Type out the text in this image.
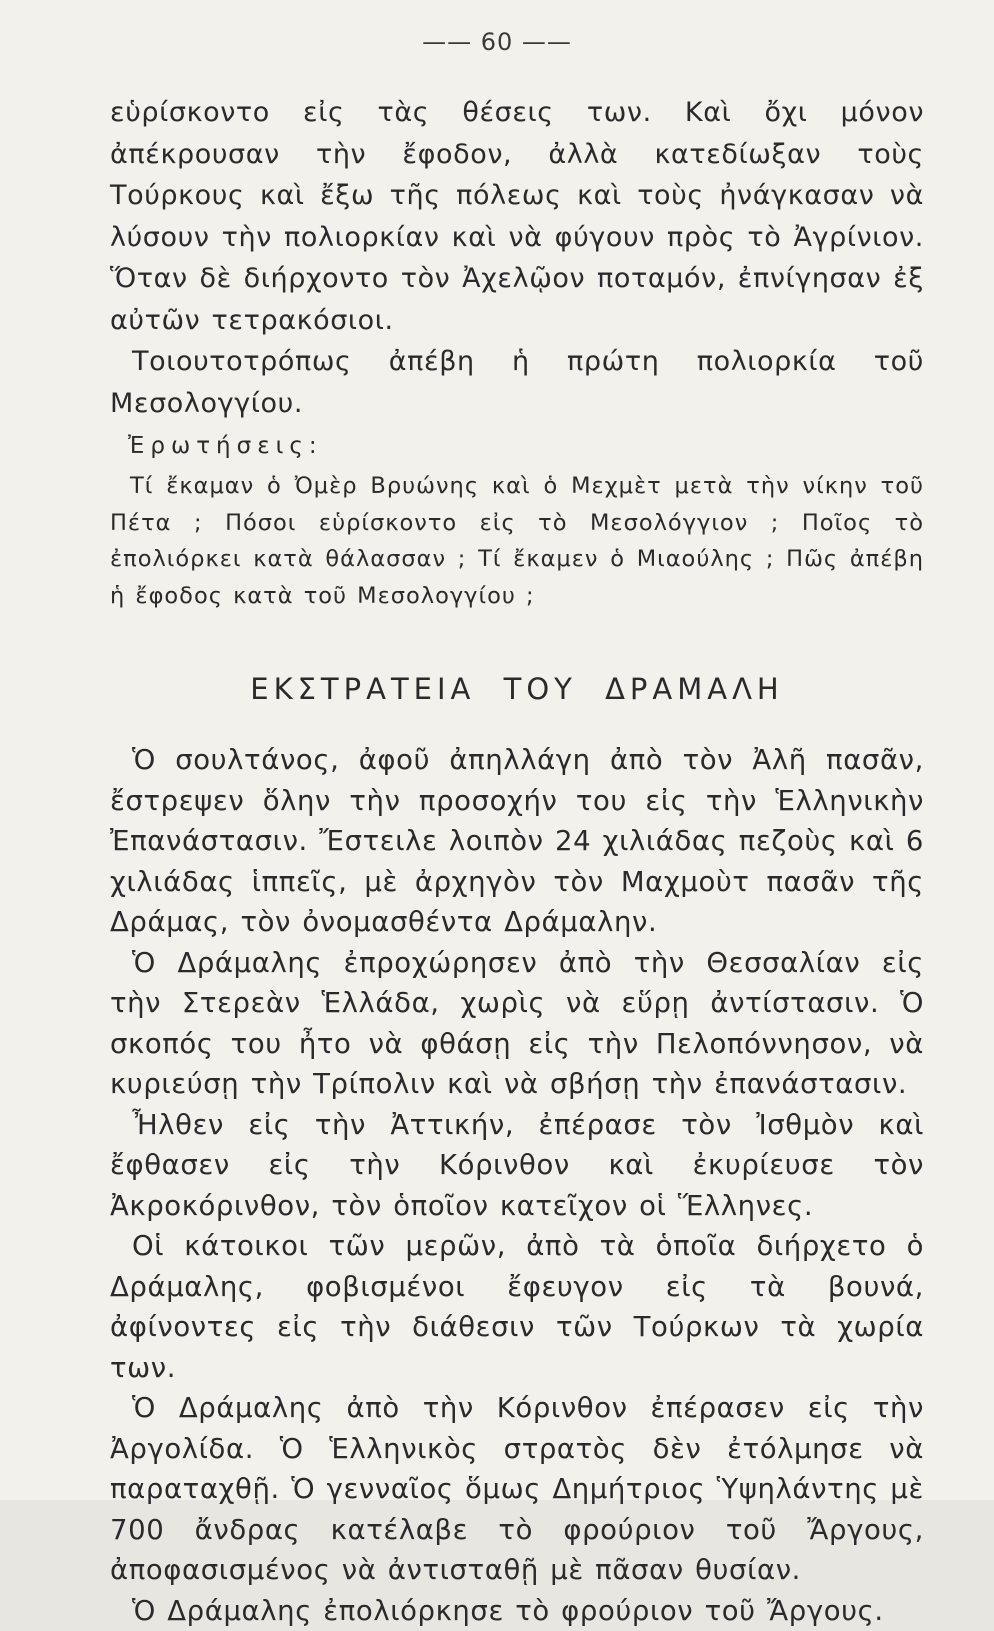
—— 60 ——

εὑρίσκοντο εἰς τὰς θέσεις των. Καὶ ὄχι μόνον ἀπέκρουσαν τὴν ἔφοδον, ἀλλὰ κατεδίωξαν τοὺς Τούρκους καὶ ἔξω τῆς πόλεως καὶ τοὺς ἠνάγκασαν νὰ λύσουν τὴν πολιορκίαν καὶ νὰ φύγουν πρὸς τὸ Ἀγρίνιον. Ὅταν δὲ διήρχοντο τὸν Ἀχελῷον ποταμόν, ἐπνίγησαν ἐξ αὐτῶν τετρακόσιοι.

Τοιουτοτρόπως ἀπέβη ἡ πρώτη πολιορκία τοῦ Μεσολογγίου.

Ἐρωτήσεις:

Τί ἔκαμαν ὁ Ὀμὲρ Βρυώνης καὶ ὁ Μεχμὲτ μετὰ τὴν νίκην τοῦ Πέτα ; Πόσοι εὑρίσκοντο εἰς τὸ Μεσολόγγιον ; Ποῖος τὸ ἐπολιόρκει κατὰ θάλασσαν ; Τί ἔκαμεν ὁ Μιαούλης ; Πῶς ἀπέβη ἡ ἔφοδος κατὰ τοῦ Μεσολογγίου ;

ΕΚΣΤΡΑΤΕΙΑ ΤΟΥ ΔΡΑΜΑΛΗ

Ὁ σουλτάνος, ἀφοῦ ἀπηλλάγη ἀπὸ τὸν Ἀλῆ πασᾶν, ἔστρεψεν ὅλην τὴν προσοχήν του εἰς τὴν Ἑλληνικὴν Ἐπανάστασιν. Ἔστειλε λοιπὸν 24 χιλιάδας πεζοὺς καὶ 6 χιλιάδας ἱππεῖς, μὲ ἀρχηγὸν τὸν Μαχμοὺτ πασᾶν τῆς Δράμας, τὸν ὀνομασθέντα Δράμαλην.

Ὁ Δράμαλης ἐπροχώρησεν ἀπὸ τὴν Θεσσαλίαν εἰς τὴν Στερεὰν Ἑλλάδα, χωρὶς νὰ εὕρῃ ἀντίστασιν. Ὁ σκοπός του ἦτο νὰ φθάσῃ εἰς τὴν Πελοπόννησον, νὰ κυριεύσῃ τὴν Τρίπολιν καὶ νὰ σβήσῃ τὴν ἐπανάστασιν.

Ἦλθεν εἰς τὴν Ἀττικήν, ἐπέρασε τὸν Ἰσθμὸν καὶ ἔφθασεν εἰς τὴν Κόρινθον καὶ ἐκυρίευσε τὸν Ἀκροκόρινθον, τὸν ὁποῖον κατεῖχον οἱ Ἕλληνες.

Οἱ κάτοικοι τῶν μερῶν, ἀπὸ τὰ ὁποῖα διήρχετο ὁ Δράμαλης, φοβισμένοι ἔφευγον εἰς τὰ βουνά, ἀφίνοντες εἰς τὴν διάθεσιν τῶν Τούρκων τὰ χωρία των.

Ὁ Δράμαλης ἀπὸ τὴν Κόρινθον ἐπέρασεν εἰς τὴν Ἀργολίδα. Ὁ Ἑλληνικὸς στρατὸς δὲν ἐτόλμησε νὰ παραταχθῇ. Ὁ γενναῖος ὅμως Δημήτριος Ὑψηλάντης μὲ 700 ἄνδρας κατέλαβε τὸ φρούριον τοῦ Ἄργους, ἀποφασισμένος νὰ ἀντισταθῇ μὲ πᾶσαν θυσίαν.

Ὁ Δράμαλης ἐπολιόρκησε τὸ φρούριον τοῦ Ἄργους.
